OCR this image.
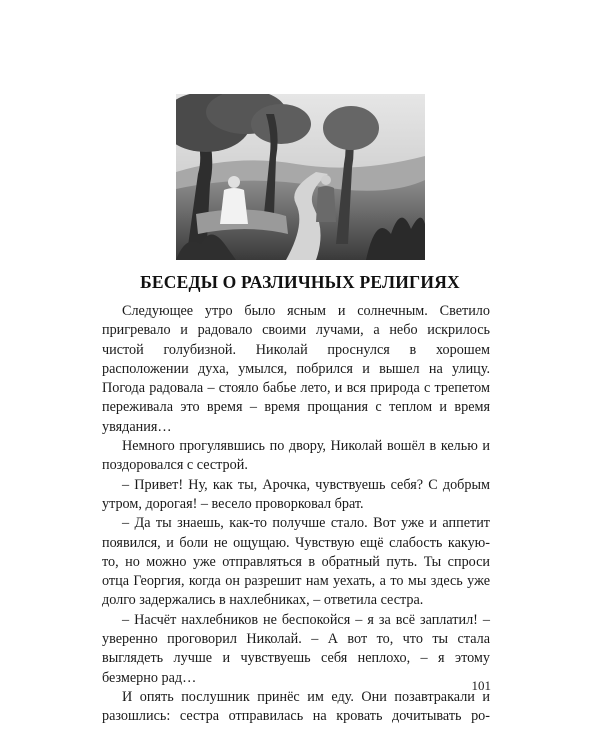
БЕСЕДЫ О РАЗЛИЧНЫХ РЕЛИГИЯХ

Следующее утро было ясным и солнечным. Светило пригревало и радовало своими лучами, а небо искрилось чистой голубизной. Николай проснулся в хорошем расположении духа, умылся, побрился и вышел на улицу. Погода радовала – стояло бабье лето, и вся природа с трепетом переживала это время – время прощания с теплом и время увядания…

Немного прогулявшись по двору, Николай вошёл в келью и поздоровался с сестрой.

– Привет! Ну, как ты, Арочка, чувствуешь себя? С добрым утром, дорогая! – весело проворковал брат.

– Да ты знаешь, как-то получше стало. Вот уже и аппетит появился, и боли не ощущаю. Чувствую ещё слабость какую-то, но можно уже отправляться в обратный путь. Ты спроси отца Георгия, когда он разрешит нам уехать, а то мы здесь уже долго задержались в нахлебниках, – ответила сестра.

– Насчёт нахлебников не беспокойся – я за всё заплатил! – уверенно проговорил Николай. – А вот то, что ты стала выглядеть лучше и чувствуешь себя неплохо, – я этому безмерно рад…

И опять послушник принёс им еду. Они позавтракали и разошлись: сестра отправилась на кровать дочитывать ро-

101
